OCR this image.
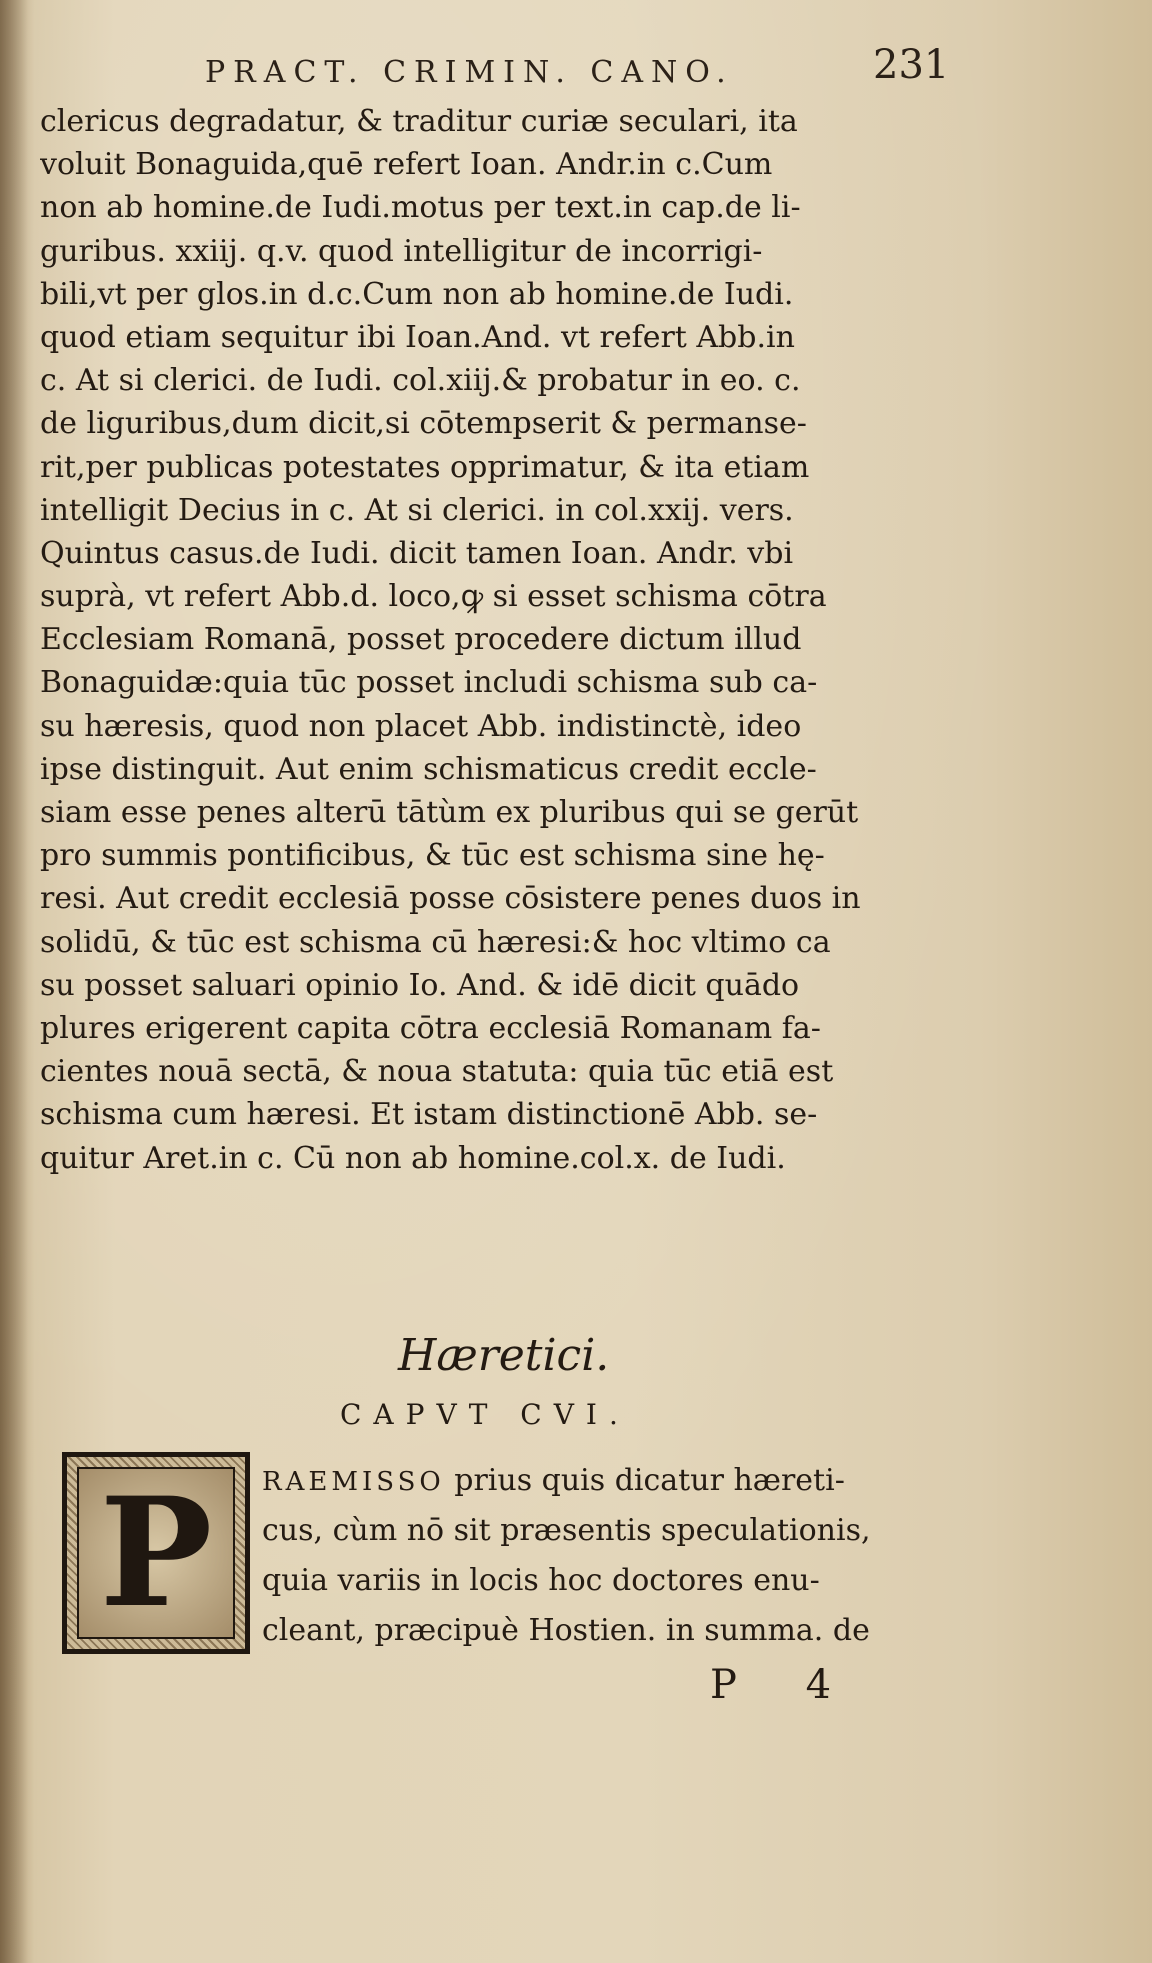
PRACT. CRIMIN. CANO.	231
clericus degradatur, & traditur curiæ seculari, ita
voluit Bonaguida,quē refert Ioan. Andr.in c.Cum
non ab homine.de Iudi.motus per text.in cap.de li-
guribus. xxiij. q.v. quod intelligitur de incorrigi-
bili,vt per glos.in d.c.Cum non ab homine.de Iudi.
quod etiam sequitur ibi Ioan.And. vt refert Abb.in
c. At si clerici. de Iudi. col.xiij.& probatur in eo. c.
de liguribus,dum dicit,si cōtempserit & permanse-
rit,per publicas potestates opprimatur, & ita etiam
intelligit Decius in c. At si clerici. in col.xxij. vers.
Quintus casus.de Iudi. dicit tamen Ioan. Andr. vbi
suprà, vt refert Abb.d. loco,ꝙ si esset schisma cōtra
Ecclesiam Romanā, posset procedere dictum illud
Bonaguidæ:quia tūc posset includi schisma sub ca-
su hæresis, quod non placet Abb. indistinctè, ideo
ipse distinguit. Aut enim schismaticus credit eccle-
siam esse penes alterū tātùm ex pluribus qui se gerūt
pro summis pontificibus, & tūc est schisma sine hę-
resi. Aut credit ecclesiā posse cōsistere penes duos in
solidū, & tūc est schisma cū hæresi:& hoc vltimo ca
su posset saluari opinio Io. And. & idē dicit quādo
plures erigerent capita cōtra ecclesiā Romanam fa-
cientes nouā sectā, & noua statuta: quia tūc etiā est
schisma cum hæresi. Et istam distinctionē Abb. se-
quitur Aret.in c. Cū non ab homine.col.x. de Iudi.
Hæretici.
CAPVT CVI.
P RAEMISSO prius quis dicatur hæreti-
cus, cùm nō sit præsentis speculationis,
quia variis in locis hoc doctores enu-
cleant, præcipuè Hostien. in summa. de
P 4
